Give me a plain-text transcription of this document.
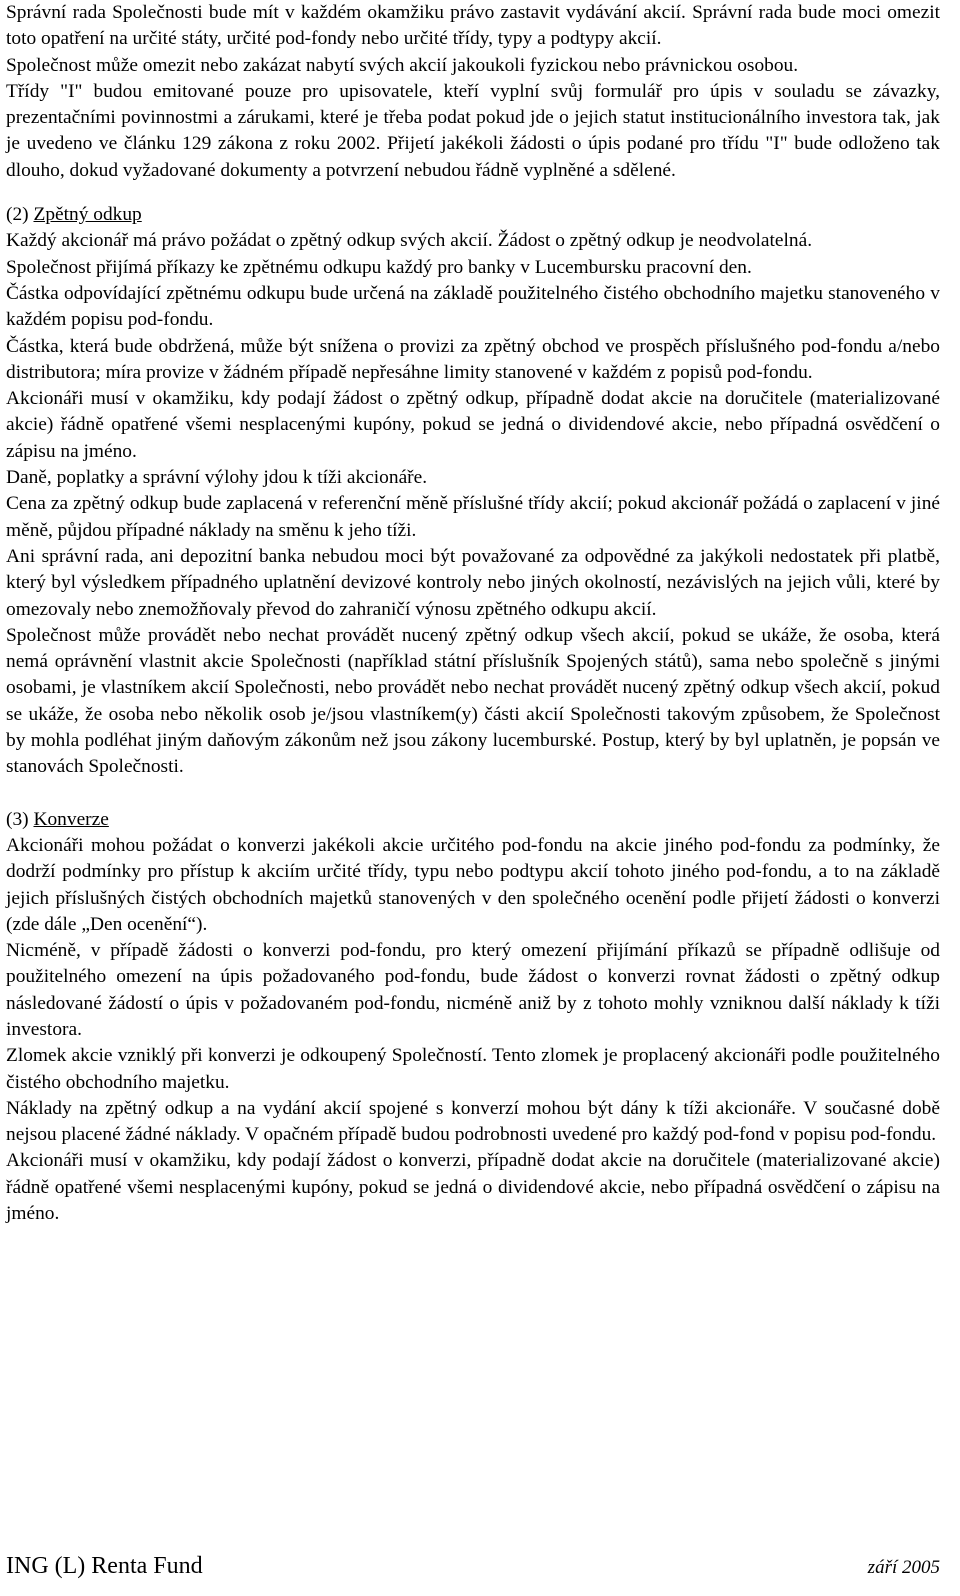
Správní rada Společnosti bude mít v každém okamžiku právo zastavit vydávání akcií. Správní rada bude moci omezit toto opatření na určité státy, určité pod-fondy nebo určité třídy, typy a podtypy akcií.

Společnost může omezit nebo zakázat nabytí svých akcií jakoukoli fyzickou nebo právnickou osobou.

Třídy "I" budou emitované pouze pro upisovatele, kteří vyplní svůj formulář pro úpis v souladu se závazky, prezentačními povinnostmi a zárukami, které je třeba podat pokud jde o jejich statut institucionálního investora tak, jak je uvedeno ve článku 129 zákona z roku 2002. Přijetí jakékoli žádosti o úpis podané pro třídu "I" bude odloženo tak dlouho, dokud vyžadované dokumenty a potvrzení nebudou řádně vyplněné a sdělené.

(2) Zpětný odkup

Každý akcionář má právo požádat o zpětný odkup svých akcií. Žádost o zpětný odkup je neodvolatelná.

Společnost přijímá příkazy ke zpětnému odkupu každý pro banky v Lucembursku pracovní den.

Částka odpovídající zpětnému odkupu bude určená na základě použitelného čistého obchodního majetku stanoveného v každém popisu pod-fondu.

Částka, která bude obdržená, může být snížena o provizi za zpětný obchod ve prospěch příslušného pod-fondu a/nebo distributora; míra provize v žádném případě nepřesáhne limity stanovené v každém z popisů pod-fondu.

Akcionáři musí v okamžiku, kdy podají žádost o zpětný odkup, případně dodat akcie na doručitele (materializované akcie) řádně opatřené všemi nesplacenými kupóny, pokud se jedná o dividendové akcie, nebo případná osvědčení o zápisu na jméno.

Daně, poplatky a správní výlohy jdou k tíži akcionáře.

Cena za zpětný odkup bude zaplacená v referenční měně příslušné třídy akcií; pokud akcionář požádá o zaplacení v jiné měně, půjdou případné náklady na směnu k jeho tíži.

Ani správní rada, ani depozitní banka nebudou moci být považované za odpovědné za jakýkoli nedostatek při platbě, který byl výsledkem případného uplatnění devizové kontroly nebo jiných okolností, nezávislých na jejich vůli, které by omezovaly nebo znemožňovaly převod do zahraničí výnosu zpětného odkupu akcií.

Společnost může provádět nebo nechat provádět nucený zpětný odkup všech akcií, pokud se ukáže, že osoba, která nemá oprávnění vlastnit akcie Společnosti (například státní příslušník Spojených států), sama nebo společně s jinými osobami, je vlastníkem akcií Společnosti, nebo provádět nebo nechat provádět nucený zpětný odkup všech akcií, pokud se ukáže, že osoba nebo několik osob je/jsou vlastníkem(y) části akcií Společnosti takovým způsobem, že Společnost by mohla podléhat jiným daňovým zákonům než jsou zákony lucemburské. Postup, který by byl uplatněn, je popsán ve stanovách Společnosti.

(3) Konverze

Akcionáři mohou požádat o konverzi jakékoli akcie určitého pod-fondu na akcie jiného pod-fondu za podmínky, že dodrží podmínky pro přístup k akciím určité třídy, typu nebo podtypu akcií tohoto jiného pod-fondu, a to na základě jejich příslušných čistých obchodních majetků stanovených v den společného ocenění podle přijetí žádosti o konverzi (zde dále „Den ocenění“).

Nicméně, v případě žádosti o konverzi pod-fondu, pro který omezení přijímání příkazů se případně odlišuje od použitelného omezení na úpis požadovaného pod-fondu, bude žádost o konverzi rovnat žádosti o zpětný odkup následované žádostí o úpis v požadovaném pod-fondu, nicméně aniž by z tohoto mohly vzniknou další náklady k tíži investora.

Zlomek akcie vzniklý při konverzi je odkoupený Společností. Tento zlomek je proplacený akcionáři podle použitelného čistého obchodního majetku.

Náklady na zpětný odkup a na vydání akcií spojené s konverzí mohou být dány k tíži akcionáře. V současné době nejsou placené žádné náklady. V opačném případě budou podrobnosti uvedené pro každý pod-fond v popisu pod-fondu.

Akcionáři musí v okamžiku, kdy podají žádost o konverzi, případně dodat akcie na doručitele (materializované akcie) řádně opatřené všemi nesplacenými kupóny, pokud se jedná o dividendové akcie, nebo případná osvědčení o zápisu na jméno.

ING (L) Renta Fund	září 2005
